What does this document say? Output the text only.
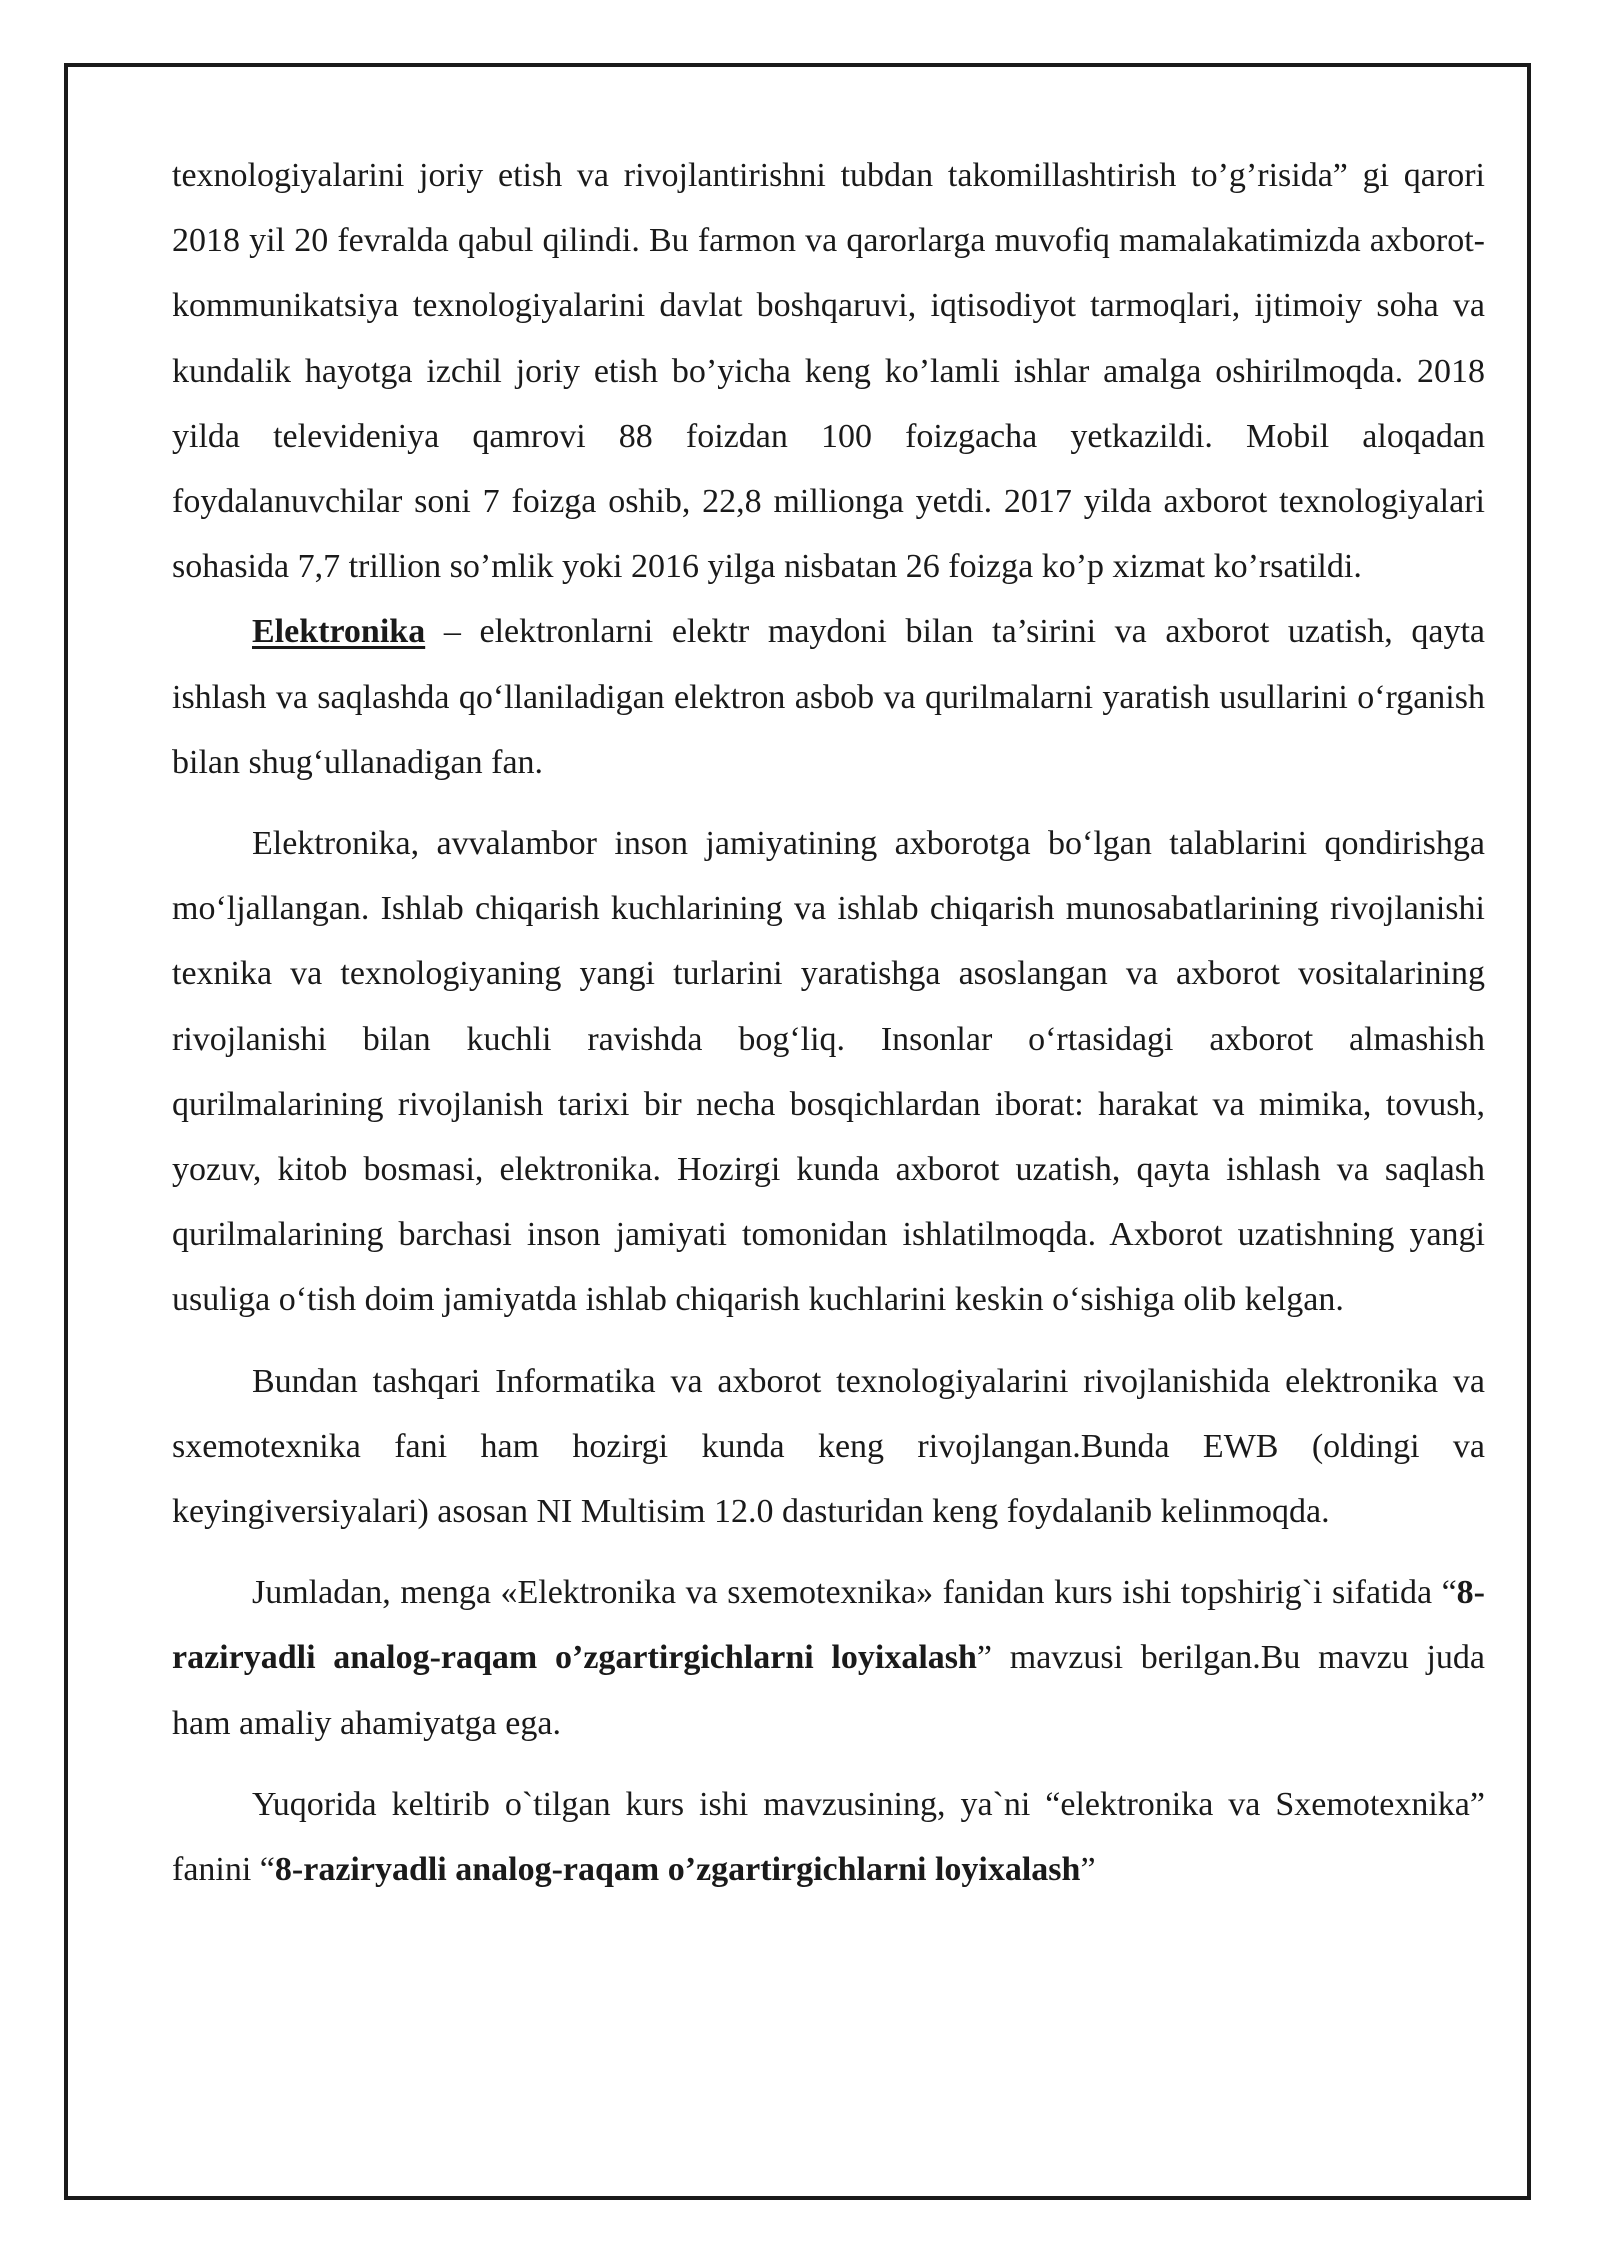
texnologiyalarini joriy etish va rivojlantirishni tubdan takomillashtirish to’g’risida” gi qarori 2018 yil 20 fevralda qabul qilindi. Bu farmon va qarorlarga muvofiq mamalakatimizda axborot-kommunikatsiya texnologiyalarini davlat boshqaruvi, iqtisodiyot tarmoqlari, ijtimoiy soha va kundalik hayotga izchil joriy etish bo’yicha keng ko’lamli ishlar amalga oshirilmoqda. 2018 yilda televideniya qamrovi 88 foizdan 100 foizgacha yetkazildi. Mobil aloqadan foydalanuvchilar soni 7 foizga oshib, 22,8 millionga yetdi. 2017 yilda axborot texnologiyalari sohasida 7,7 trillion so’mlik yoki 2016 yilga nisbatan 26 foizga ko’p xizmat ko’rsatildi.

Elektronika – elektronlarni elektr maydoni bilan ta’sirini va axborot uzatish, qayta ishlash va saqlashda qo‘llaniladigan elektron asbob va qurilmalarni yaratish usullarini o‘rganish bilan shug‘ullanadigan fan.

Elektronika, avvalambor inson jamiyatining axborotga bo‘lgan talablarini qondirishga mo‘ljallangan. Ishlab chiqarish kuchlarining va ishlab chiqarish munosabatlarining rivojlanishi texnika va texnologiyaning yangi turlarini yaratishga asoslangan va axborot vositalarining rivojlanishi bilan kuchli ravishda bog‘liq. Insonlar o‘rtasidagi axborot almashish qurilmalarining rivojlanish tarixi bir necha bosqichlardan iborat: harakat va mimika, tovush, yozuv, kitob bosmasi, elektronika. Hozirgi kunda axborot uzatish, qayta ishlash va saqlash qurilmalarining barchasi inson jamiyati tomonidan ishlatilmoqda. Axborot uzatishning yangi usuliga o‘tish doim jamiyatda ishlab chiqarish kuchlarini keskin o‘sishiga olib kelgan.

Bundan tashqari Informatika va axborot texnologiyalarini rivojlanishida elektronika va sxemotexnika fani ham hozirgi kunda keng rivojlangan.Bunda EWB (oldingi va keyingiversiyalari) asosan NI Multisim 12.0 dasturidan keng foydalanib kelinmoqda.

Jumladan, menga «Elektronika va sxemotexnika» fanidan kurs ishi topshirig`i sifatida “8-raziryadli analog-raqam o’zgartirgichlarni loyixalash” mavzusi berilgan.Bu mavzu juda ham amaliy ahamiyatga ega.

Yuqorida keltirib o`tilgan kurs ishi mavzusining, ya`ni “elektronika va Sxemotexnika” fanini “8-raziryadli analog-raqam o’zgartirgichlarni loyixalash”
